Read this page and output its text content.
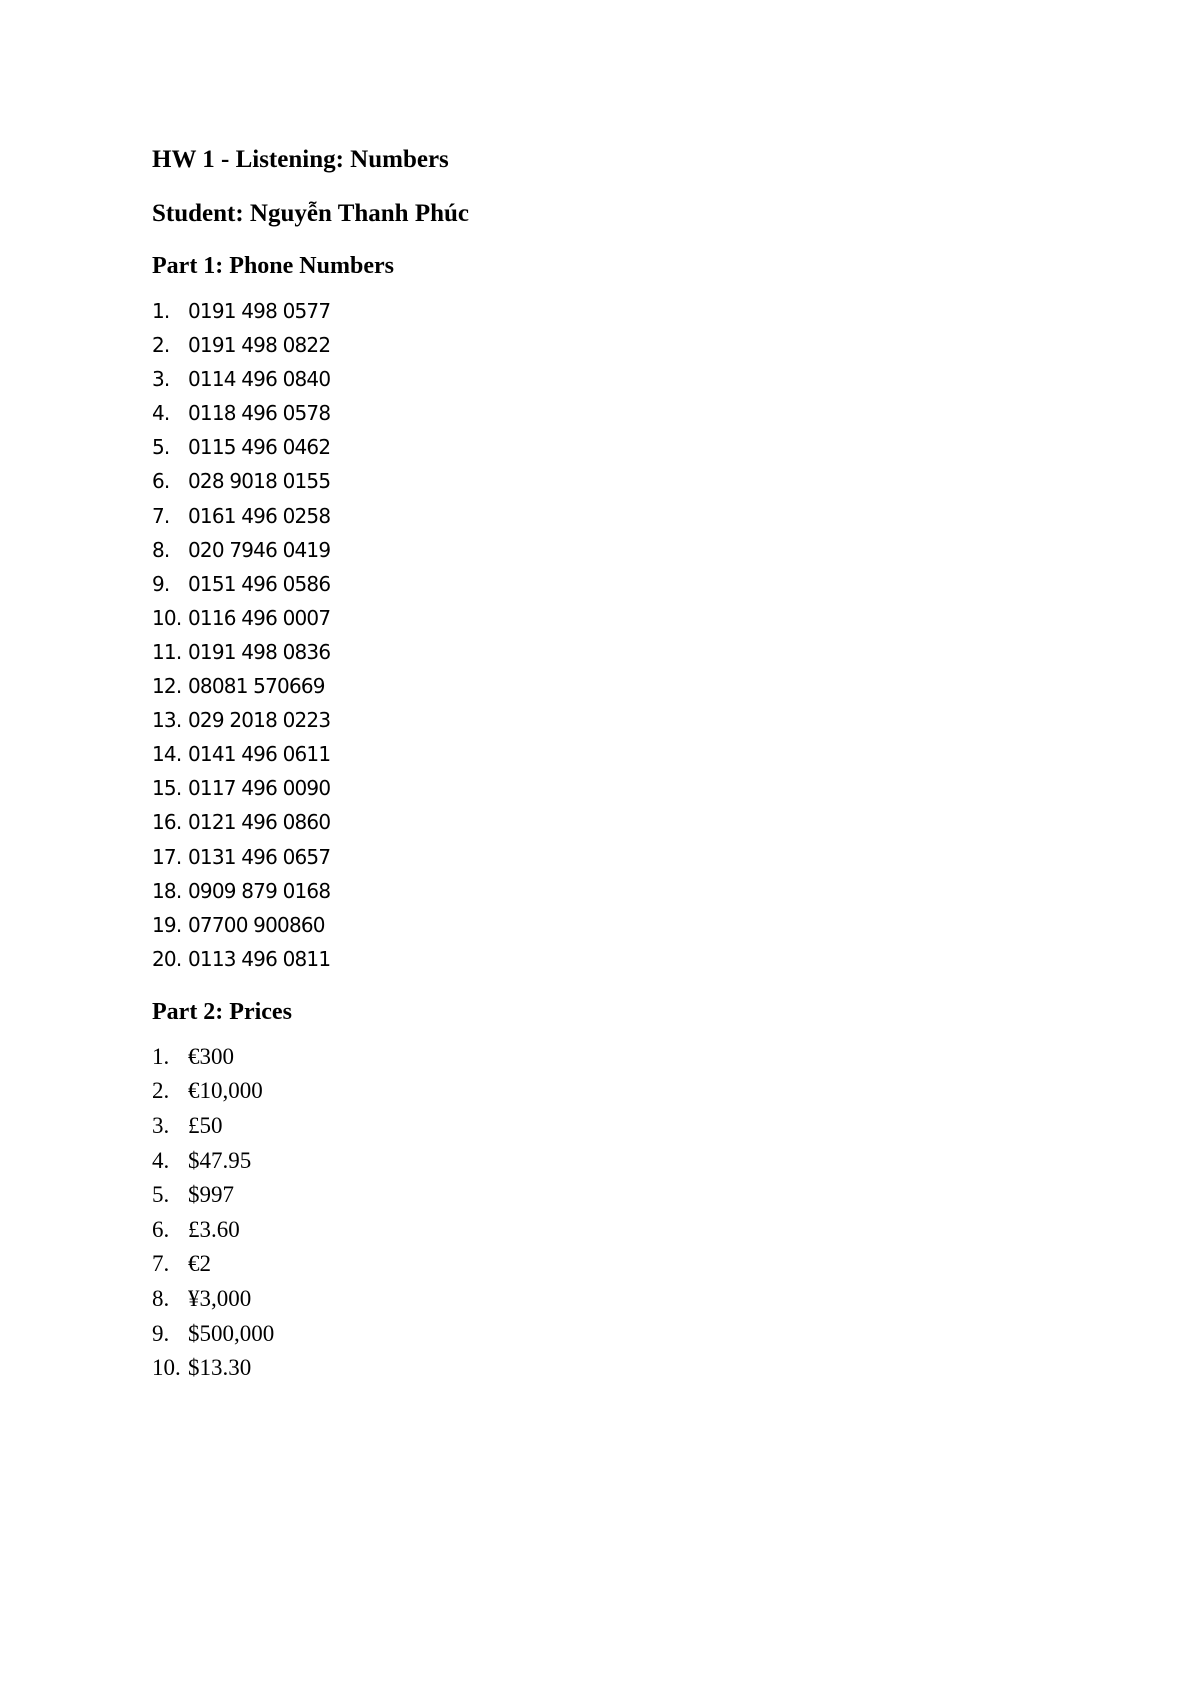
HW 1 - Listening: Numbers
Student: Nguyễn Thanh Phúc
Part 1: Phone Numbers
1. 0191 498 0577
2. 0191 498 0822
3. 0114 496 0840
4. 0118 496 0578
5. 0115 496 0462
6. 028 9018 0155
7. 0161 496 0258
8. 020 7946 0419
9. 0151 496 0586
10. 0116 496 0007
11. 0191 498 0836
12. 08081 570669
13. 029 2018 0223
14. 0141 496 0611
15. 0117 496 0090
16. 0121 496 0860
17. 0131 496 0657
18. 0909 879 0168
19. 07700 900860
20. 0113 496 0811
Part 2: Prices
1. €300
2. €10,000
3. £50
4. $47.95
5. $997
6. £3.60
7. €2
8. ¥3,000
9. $500,000
10. $13.30
